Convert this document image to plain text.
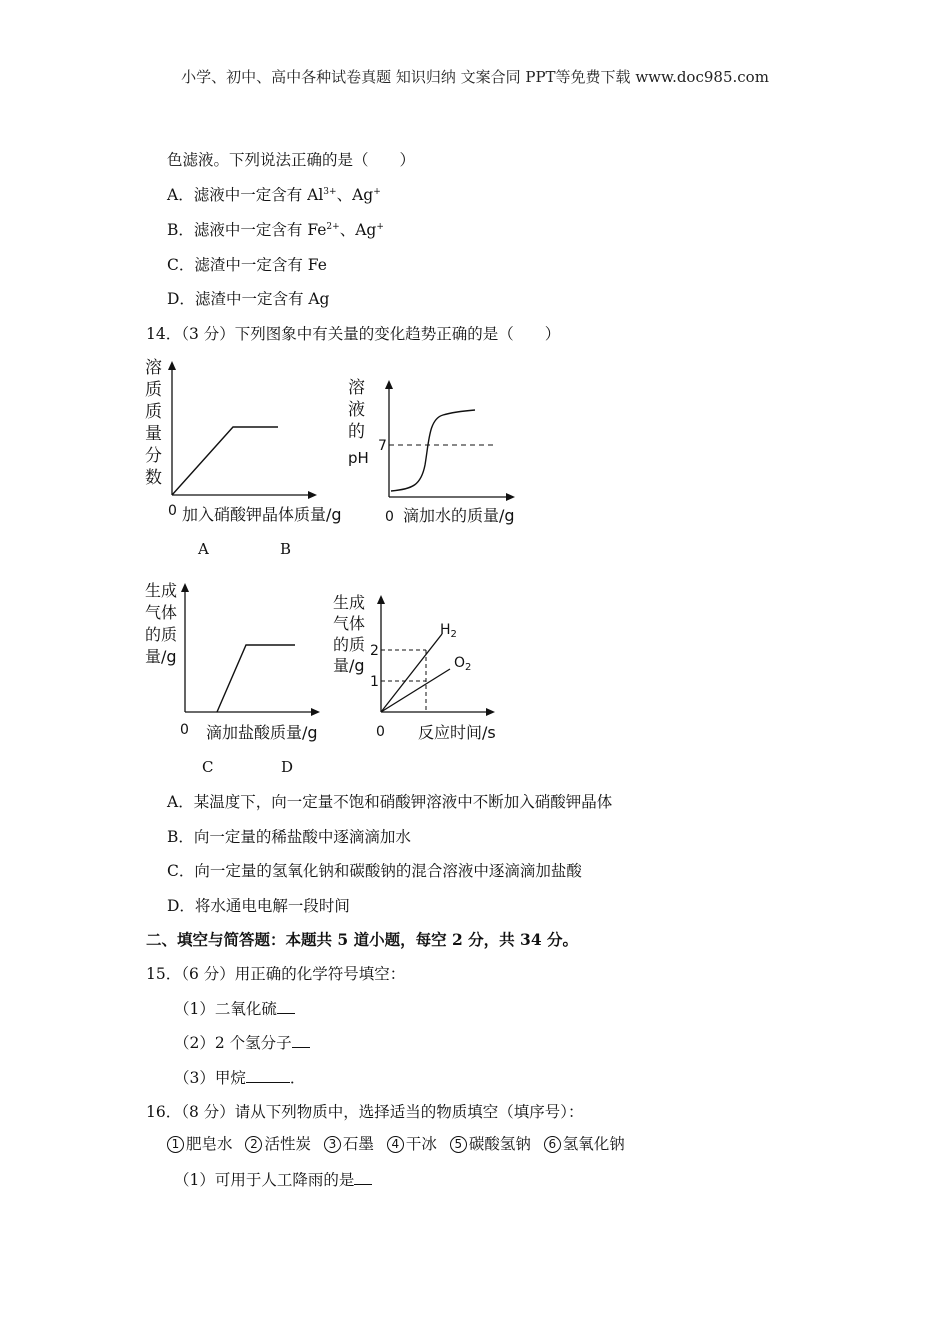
小学、初中、高中各种试卷真题 知识归纳 文案合同 PPT等免费下载 www.doc985.com
色滤液。下列说法正确的是（　　）
A．滤液中一定含有 $Al^{3+}$、Ag+
B．滤液中一定含有 $Fe^{2+}$、Ag+
C．滤渣中一定含有 Fe
D．滤渣中一定含有 Ag
14．（3 分）下列图象中有关量的变化趋势正确的是（　　）
溶
质
质
量
分
数
0 加入硝酸钾晶体质量/g
溶
液
的
pH
7
0 滴加水的质量/g
A	B
生成
气体
的质
量/g
0 滴加盐酸质量/g
生成
气体
的质
量/g
2
1
$H_2$
$O_2$
0 反应时间/s
C	D
A．某温度下，向一定量不饱和硝酸钾溶液中不断加入硝酸钾晶体
B．向一定量的稀盐酸中逐滴滴加水
C．向一定量的氢氧化钠和碳酸钠的混合溶液中逐滴滴加盐酸
D．将水通电电解一段时间
二、填空与简答题：本题共 5 道小题，每空 2 分，共 34 分。
15．（6 分）用正确的化学符号填空：
（1）二氧化硫
（2）2 个氢分子
（3）甲烷	．
16．（8 分）请从下列物质中，选择适当的物质填空（填序号）：
1 肥皂水 2 活性炭 3 石墨 4 干冰 5 碳酸氢钠 6 氢氧化钠
（1）可用于人工降雨的是
